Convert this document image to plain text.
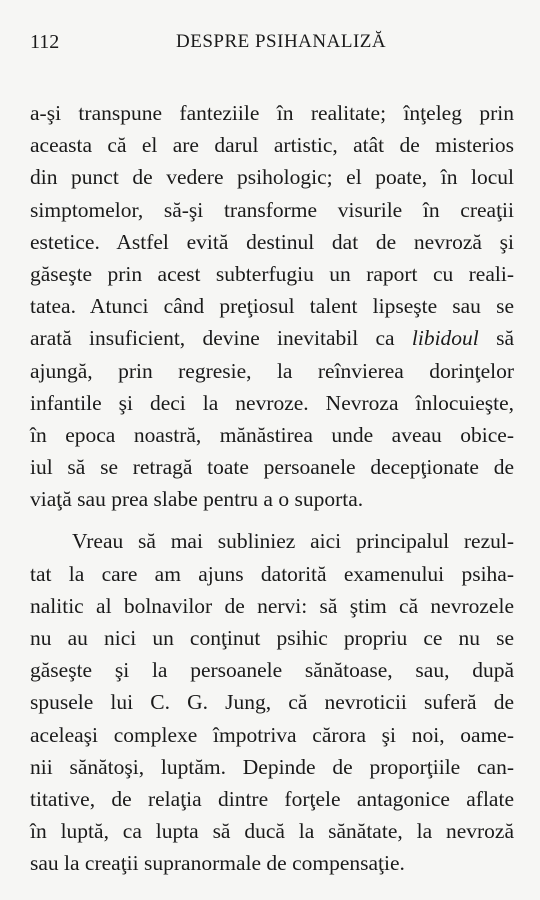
112	DESPRE PSIHANALIZĂ
a-şi transpune fanteziile în realitate; înţeleg prin
aceasta că el are darul artistic, atât de misterios
din punct de vedere psihologic; el poate, în locul
simptomelor, să-şi transforme visurile în creaţii
estetice. Astfel evită destinul dat de nevroză şi
găseşte prin acest subterfugiu un raport cu reali-
tatea. Atunci când preţiosul talent lipseşte sau se
arată insuficient, devine inevitabil ca libidoul să
ajungă, prin regresie, la reînvierea dorinţelor
infantile şi deci la nevroze. Nevroza înlocuieşte,
în epoca noastră, mănăstirea unde aveau obice-
iul să se retragă toate persoanele decepţionate de
viaţă sau prea slabe pentru a o suporta.
Vreau să mai subliniez aici principalul rezul-
tat la care am ajuns datorită examenului psiha-
nalitic al bolnavilor de nervi: să ştim că nevrozele
nu au nici un conţinut psihic propriu ce nu se
găseşte şi la persoanele sănătoase, sau, după
spusele lui C. G. Jung, că nevroticii suferă de
aceleaşi complexe împotriva cărora şi noi, oame-
nii sănătoşi, luptăm. Depinde de proporţiile can-
titative, de relaţia dintre forţele antagonice aflate
în luptă, ca lupta să ducă la sănătate, la nevroză
sau la creaţii supranormale de compensaţie.
